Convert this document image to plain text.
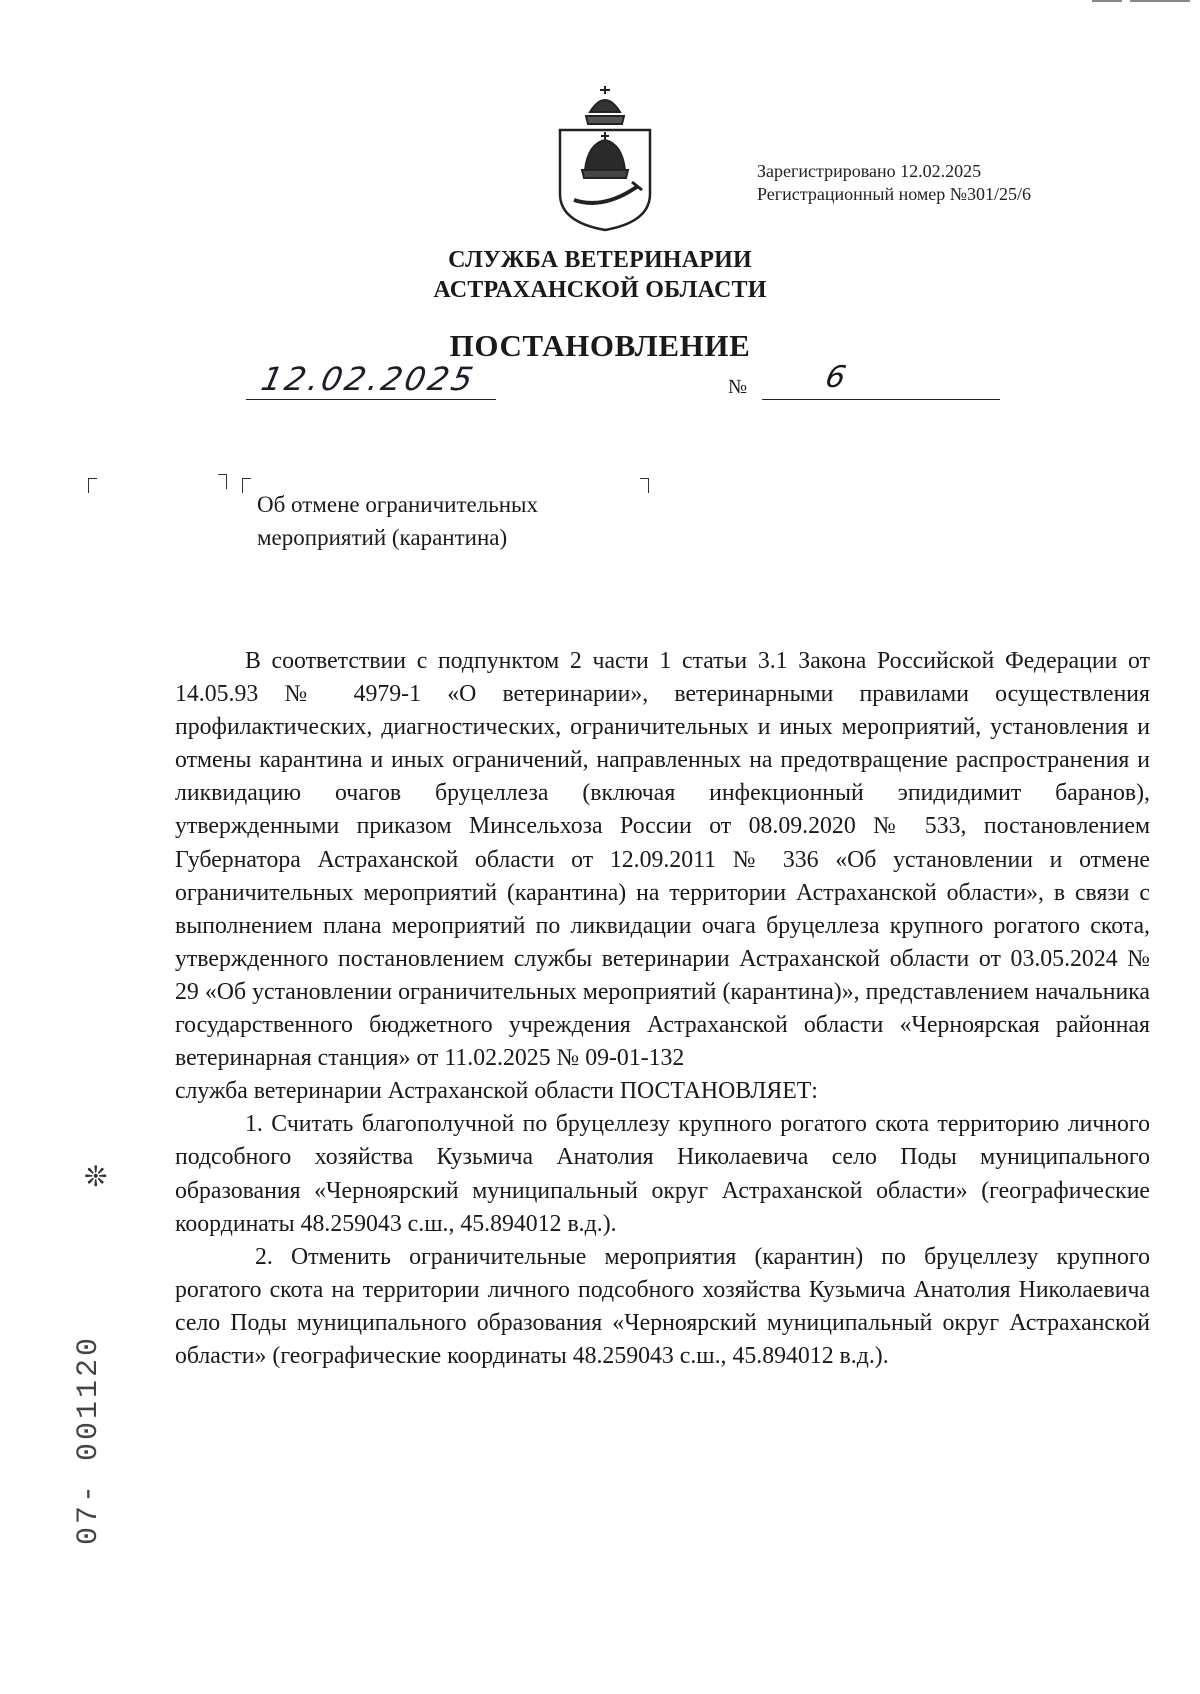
Зарегистрировано 12.02.2025
Регистрационный номер №301/25/6
СЛУЖБА ВЕТЕРИНАРИИ
АСТРАХАНСКОЙ ОБЛАСТИ
ПОСТАНОВЛЕНИЕ
12.02.2025	№	6
Об отмене ограничительных
мероприятий (карантина)

В соответствии с подпунктом 2 части 1 статьи 3.1 Закона Российской Федерации от 14.05.93 № 4979-1 «О ветеринарии», ветеринарными правилами осуществления профилактических, диагностических, ограничительных и иных мероприятий, установления и отмены карантина и иных ограничений, направленных на предотвращение распространения и ликвидацию очагов бруцеллеза (включая инфекционный эпидидимит баранов), утвержденными приказом Минсельхоза России от 08.09.2020 № 533, постановлением Губернатора Астраханской области от 12.09.2011 № 336 «Об установлении и отмене ограничительных мероприятий (карантина) на территории Астраханской области», в связи с выполнением плана мероприятий по ликвидации очага бруцеллеза крупного рогатого скота, утвержденного постановлением службы ветеринарии Астраханской области от 03.05.2024 № 29 «Об установлении ограничительных мероприятий (карантина)», представлением начальника государственного бюджетного учреждения Астраханской области «Черноярская районная ветеринарная станция» от 11.02.2025 № 09-01-132

служба ветеринарии Астраханской области ПОСТАНОВЛЯЕТ:

1. Считать благополучной по бруцеллезу крупного рогатого скота территорию личного подсобного хозяйства Кузьмича Анатолия Николаевича село Поды муниципального образования «Черноярский муниципальный округ Астраханской области» (географические координаты 48.259043 с.ш., 45.894012 в.д.).

2. Отменить ограничительные мероприятия (карантин) по бруцеллезу крупного рогатого скота на территории личного подсобного хозяйства Кузьмича Анатолия Николаевича село Поды муниципального образования «Черноярский муниципальный округ Астраханской области» (географические координаты 48.259043 с.ш., 45.894012 в.д.).

❊
07- 001120
